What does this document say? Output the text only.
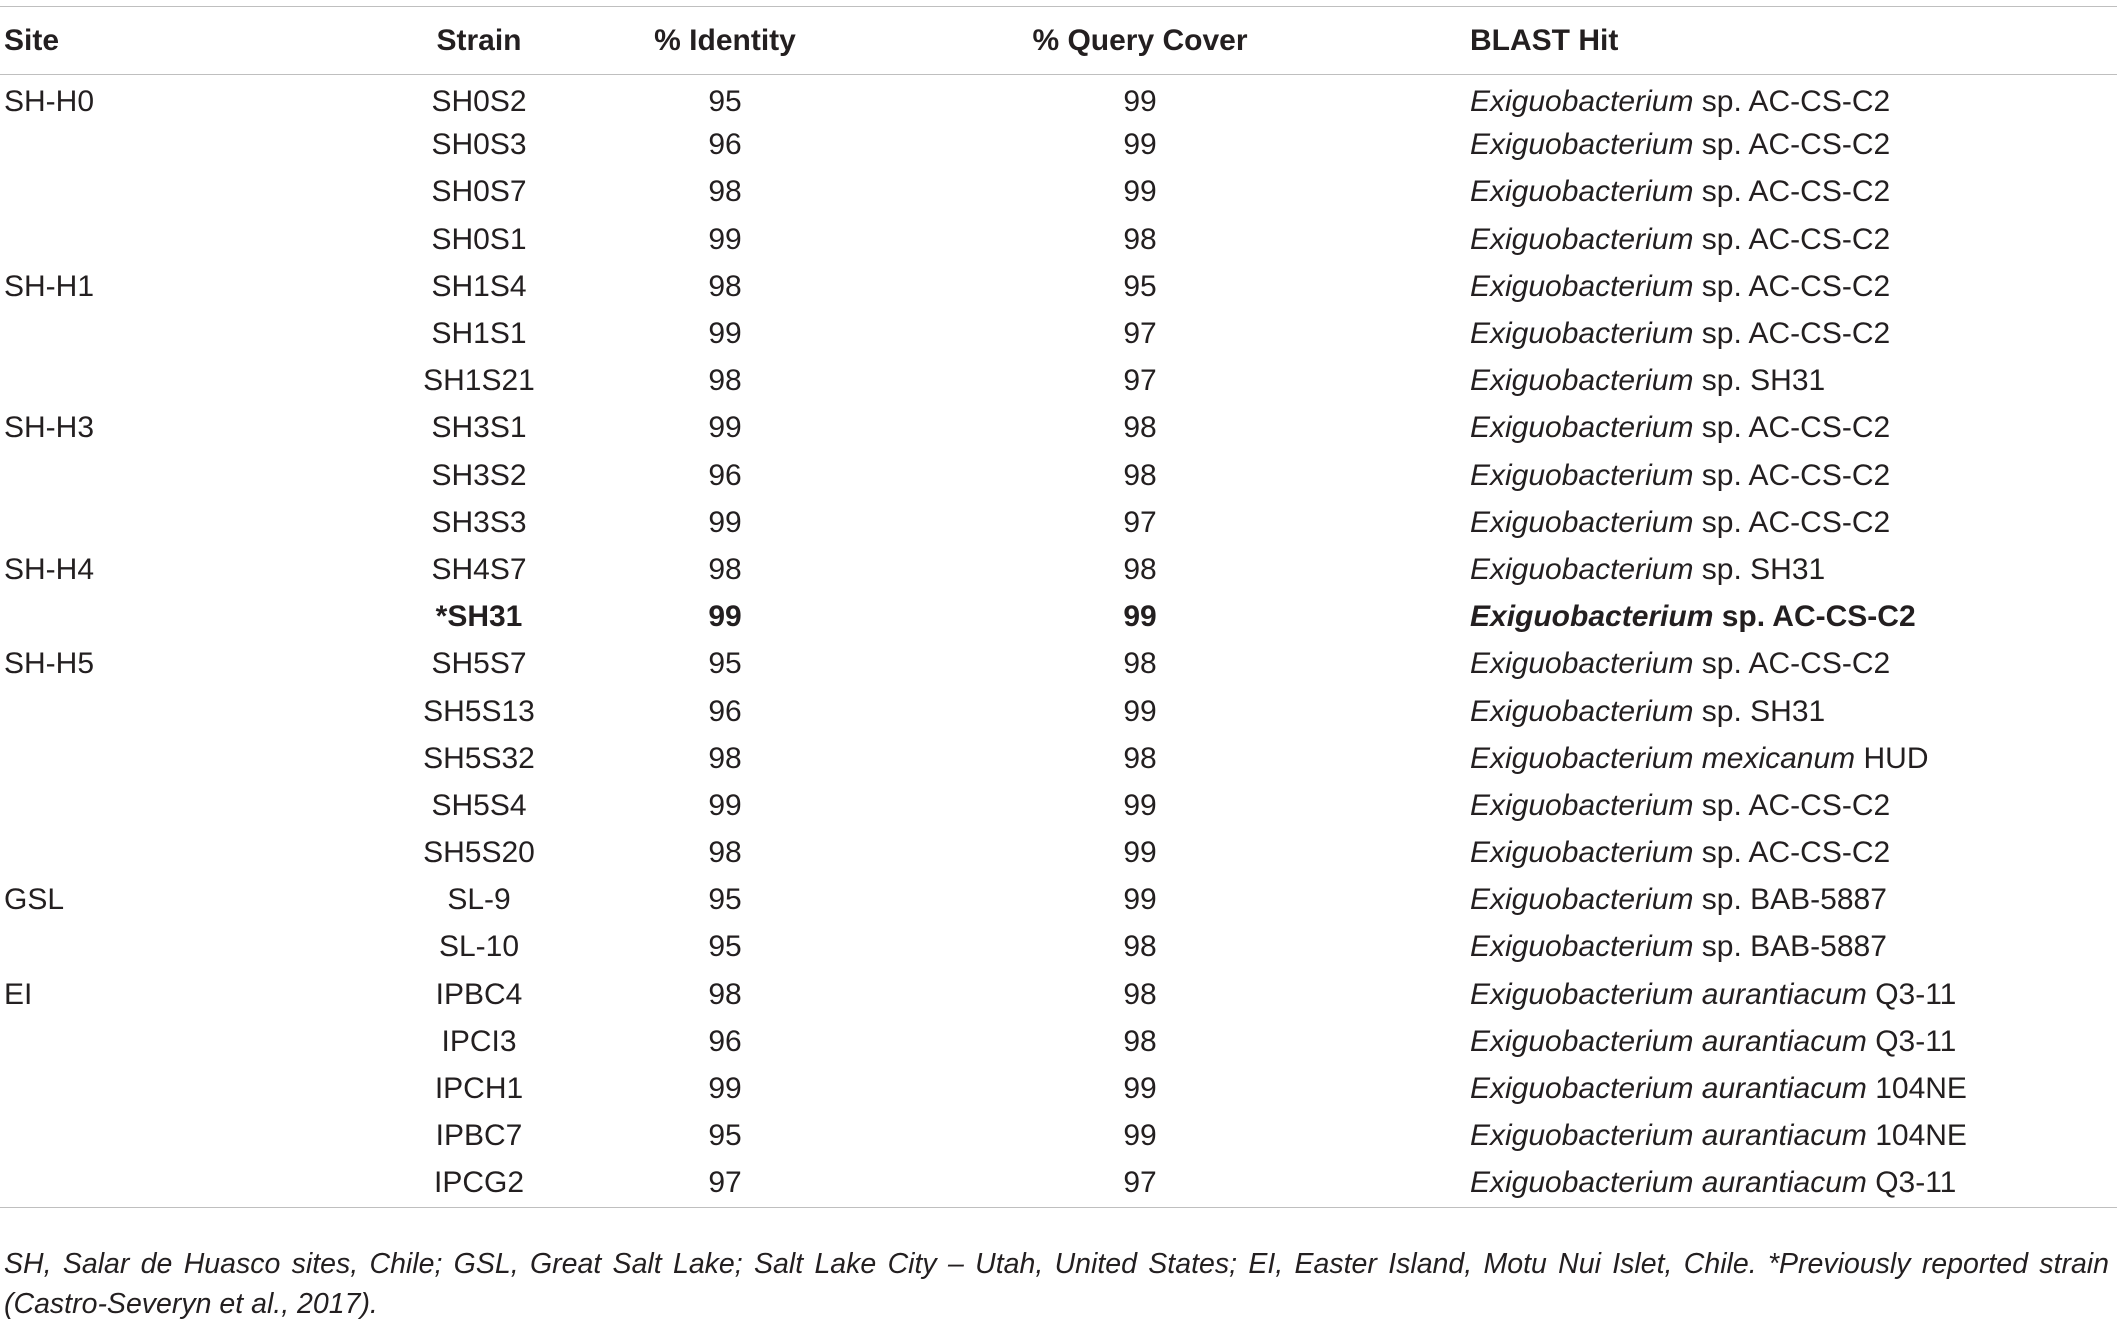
Site	Strain	% Identity	% Query Cover	BLAST Hit
SH-H0	SH0S2	95	99	Exiguobacterium sp. AC-CS-C2
	SH0S3	96	99	Exiguobacterium sp. AC-CS-C2
	SH0S7	98	99	Exiguobacterium sp. AC-CS-C2
	SH0S1	99	98	Exiguobacterium sp. AC-CS-C2
SH-H1	SH1S4	98	95	Exiguobacterium sp. AC-CS-C2
	SH1S1	99	97	Exiguobacterium sp. AC-CS-C2
	SH1S21	98	97	Exiguobacterium sp. SH31
SH-H3	SH3S1	99	98	Exiguobacterium sp. AC-CS-C2
	SH3S2	96	98	Exiguobacterium sp. AC-CS-C2
	SH3S3	99	97	Exiguobacterium sp. AC-CS-C2
SH-H4	SH4S7	98	98	Exiguobacterium sp. SH31
	*SH31	99	99	Exiguobacterium sp. AC-CS-C2
SH-H5	SH5S7	95	98	Exiguobacterium sp. AC-CS-C2
	SH5S13	96	99	Exiguobacterium sp. SH31
	SH5S32	98	98	Exiguobacterium mexicanum HUD
	SH5S4	99	99	Exiguobacterium sp. AC-CS-C2
	SH5S20	98	99	Exiguobacterium sp. AC-CS-C2
GSL	SL-9	95	99	Exiguobacterium sp. BAB-5887
	SL-10	95	98	Exiguobacterium sp. BAB-5887
EI	IPBC4	98	98	Exiguobacterium aurantiacum Q3-11
	IPCI3	96	98	Exiguobacterium aurantiacum Q3-11
	IPCH1	99	99	Exiguobacterium aurantiacum 104NE
	IPBC7	95	99	Exiguobacterium aurantiacum 104NE
	IPCG2	97	97	Exiguobacterium aurantiacum Q3-11
SH, Salar de Huasco sites, Chile; GSL, Great Salt Lake; Salt Lake City – Utah, United States; EI, Easter Island, Motu Nui Islet, Chile. *Previously reported strain (Castro-Severyn et al., 2017).
